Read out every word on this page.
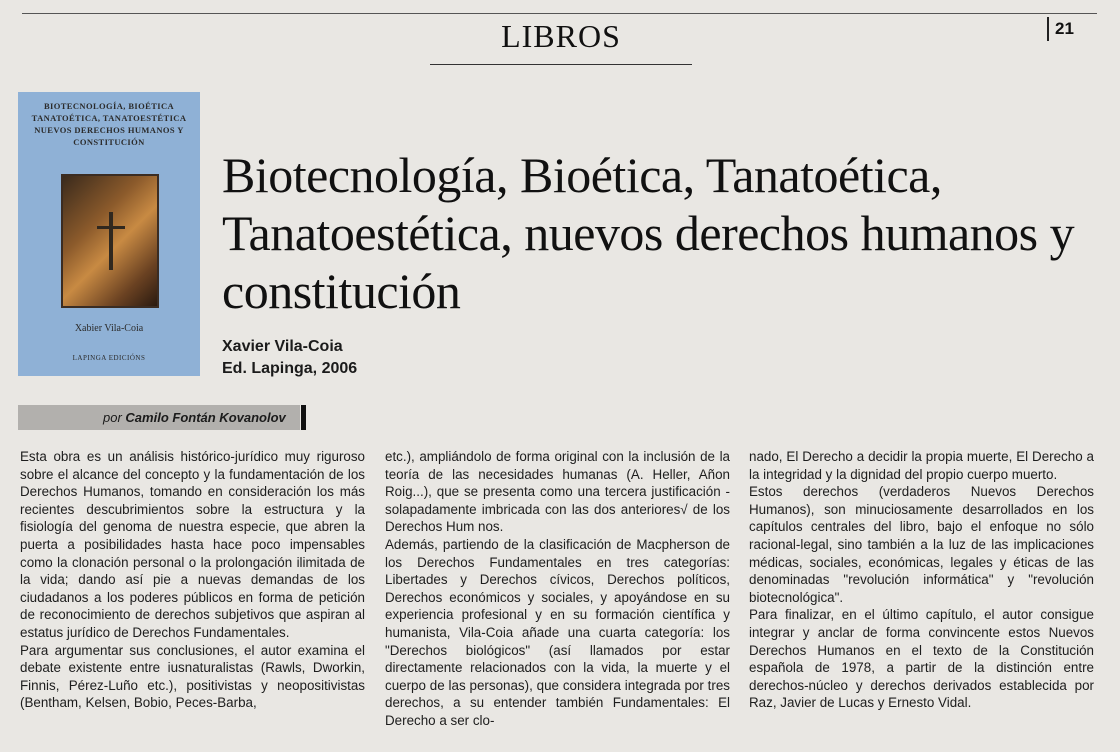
LIBROS	21
BIOTECNOLOGÍA, BIOÉTICA TANATOÉTICA, TANATOESTÉTICA NUEVOS DERECHOS HUMANOS Y CONSTITUCIÓN
Xabier Vila-Coia
LAPINGA EDICIÓNS
Biotecnología, Bioética, Tanatoética, Tanatoestética, nuevos derechos humanos y constitución
Xavier Vila-Coia
Ed. Lapinga, 2006
por Camilo Fontán Kovanolov

Esta obra es un análisis histórico-jurídico muy riguroso sobre el alcance del concepto y la fundamentación de los Derechos Humanos, tomando en consideración los más recientes descubrimientos sobre la estructura y la fisiología del genoma de nuestra especie, que abren la puerta a posibilidades hasta hace poco impensables como la clonación personal o la prolongación ilimitada de la vida; dando así pie a nuevas demandas de los ciudadanos a los poderes públicos en forma de petición de reconocimiento de derechos subjetivos que aspiran al estatus jurídico de Derechos Fundamentales.

Para argumentar sus conclusiones, el autor examina el debate existente entre iusnaturalistas (Rawls, Dworkin, Finnis, Pérez-Luño etc.), positivistas y neopositivistas (Bentham, Kelsen, Bobio, Peces-Barba,

etc.), ampliándolo de forma original con la inclusión de la teoría de las necesidades humanas (A. Heller, Añon Roig...), que se presenta como una tercera justificación -solapadamente imbricada con las dos anteriores√ de los Derechos Hum nos.

Además, partiendo de la clasificación de Macpherson de los Derechos Fundamentales en tres categorías: Libertades y Derechos cívicos, Derechos políticos, Derechos económicos y sociales, y apoyándose en su experiencia profesional y en su formación científica y humanista, Vila-Coia añade una cuarta categoría: los "Derechos biológicos" (así llamados por estar directamente relacionados con la vida, la muerte y el cuerpo de las personas), que considera integrada por tres derechos, a su entender también Fundamentales: El Derecho a ser clo-

nado, El Derecho a decidir la propia muerte, El Derecho a la integridad y la dignidad del propio cuerpo muerto.

Estos derechos (verdaderos Nuevos Derechos Humanos), son minuciosamente desarrollados en los capítulos centrales del libro, bajo el enfoque no sólo racional-legal, sino también a la luz de las implicaciones médicas, sociales, económicas, legales y éticas de las denominadas "revolución informática" y "revolución biotecnológica".

Para finalizar, en el último capítulo, el autor consigue integrar y anclar de forma convincente estos Nuevos Derechos Humanos en el texto de la Constitución española de 1978, a partir de la distinción entre derechos-núcleo y derechos derivados establecida por Raz, Javier de Lucas y Ernesto Vidal.
